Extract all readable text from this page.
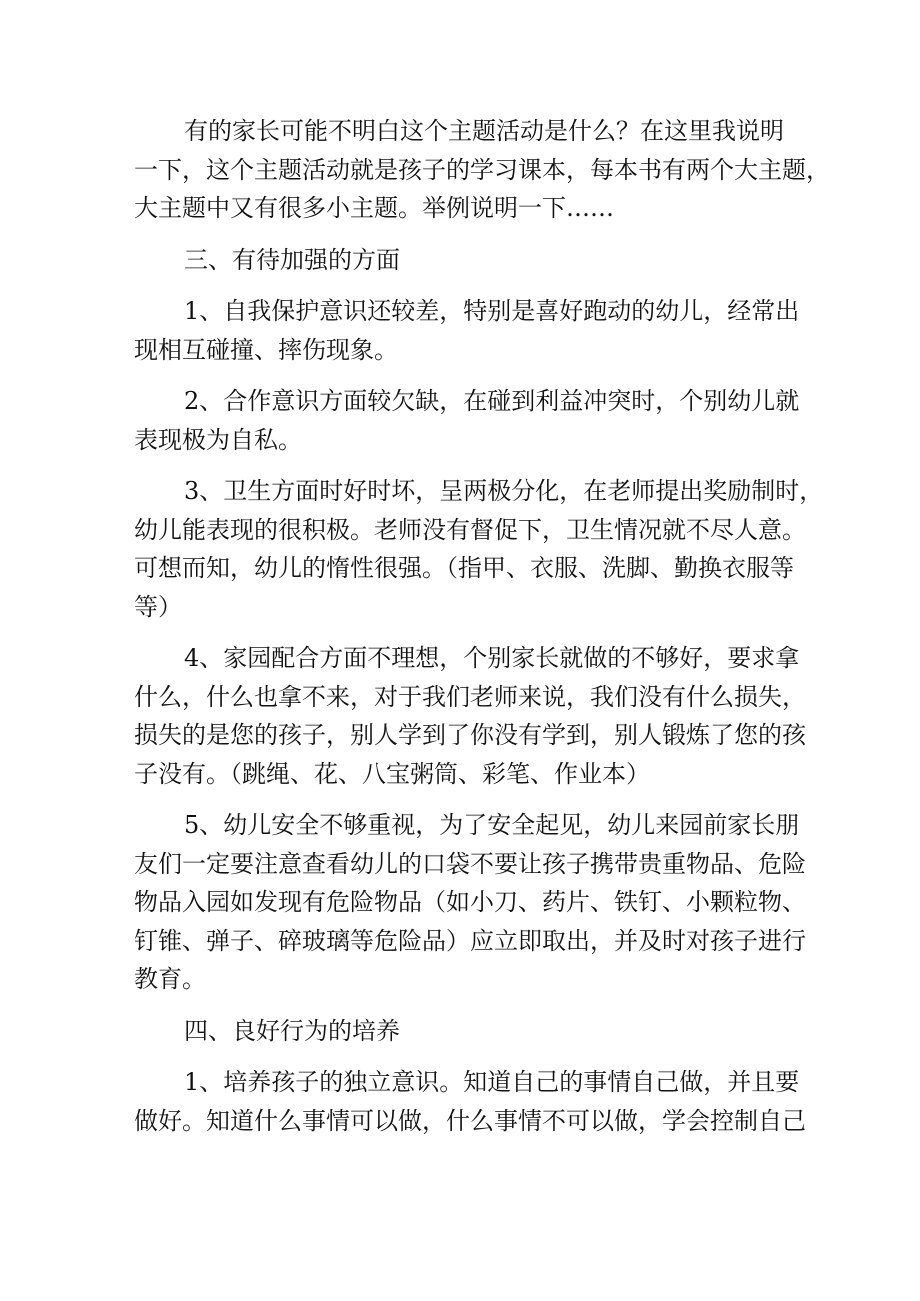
有的家长可能不明白这个主题活动是什么？在这里我说明
一下，这个主题活动就是孩子的学习课本，每本书有两个大主题，
大主题中又有很多小主题。举例说明一下……
三、有待加强的方面
1、自我保护意识还较差，特别是喜好跑动的幼儿，经常出
现相互碰撞、摔伤现象。
2、合作意识方面较欠缺，在碰到利益冲突时，个别幼儿就
表现极为自私。
3、卫生方面时好时坏，呈两极分化，在老师提出奖励制时，
幼儿能表现的很积极。老师没有督促下，卫生情况就不尽人意。
可想而知，幼儿的惰性很强。（指甲、衣服、洗脚、勤换衣服等
等）
4、家园配合方面不理想，个别家长就做的不够好，要求拿
什么，什么也拿不来，对于我们老师来说，我们没有什么损失，
损失的是您的孩子，别人学到了你没有学到，别人锻炼了您的孩
子没有。（跳绳、花、八宝粥筒、彩笔、作业本）
5、幼儿安全不够重视，为了安全起见，幼儿来园前家长朋
友们一定要注意查看幼儿的口袋不要让孩子携带贵重物品、危险
物品入园如发现有危险物品（如小刀、药片、铁钉、小颗粒物、
钉锥、弹子、碎玻璃等危险品）应立即取出，并及时对孩子进行
教育。
四、良好行为的培养
1、培养孩子的独立意识。知道自己的事情自己做，并且要
做好。知道什么事情可以做，什么事情不可以做，学会控制自己
